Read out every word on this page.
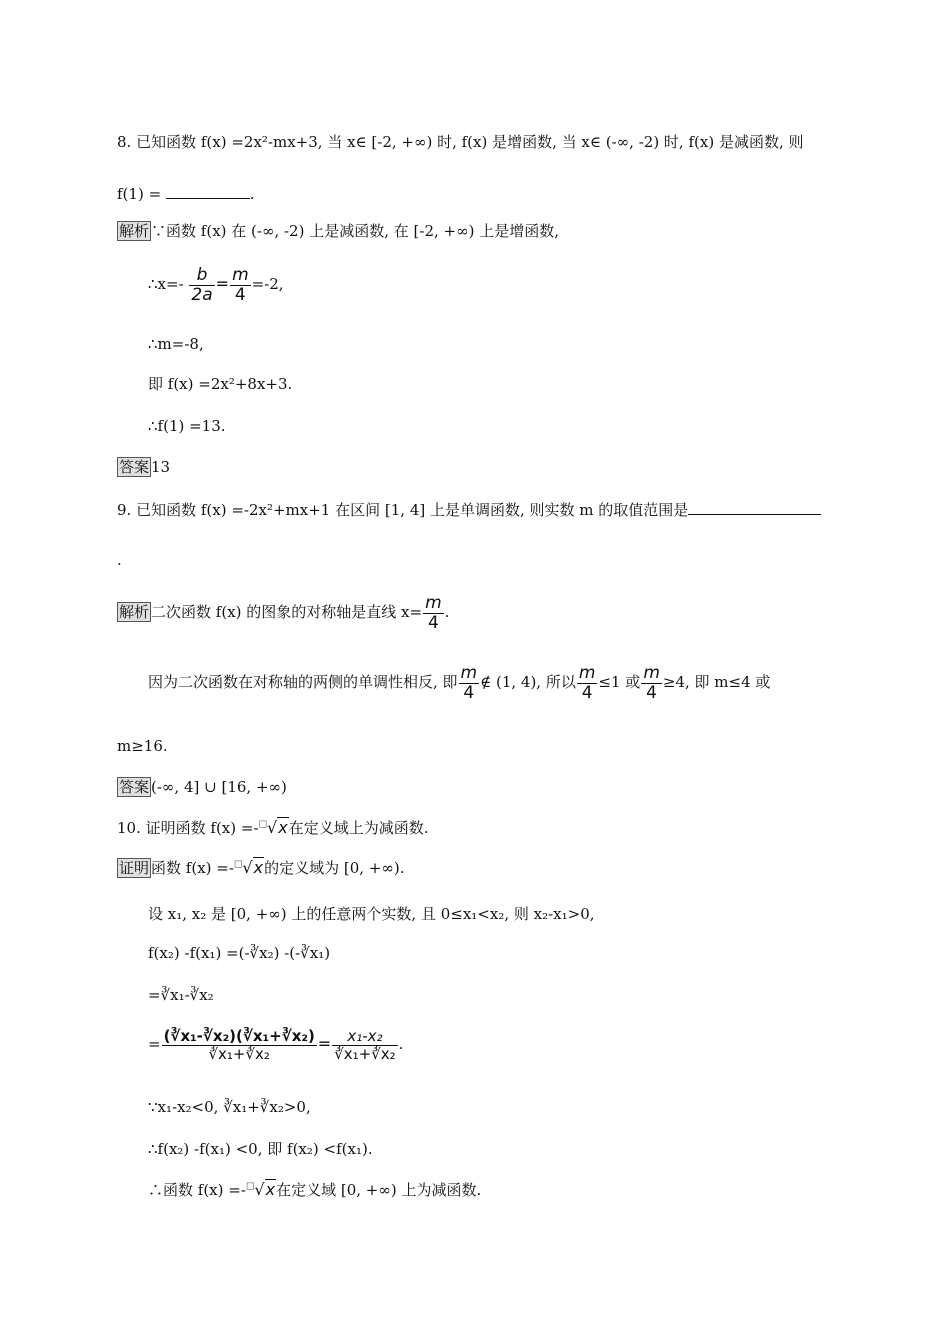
8. 已知函数 f(x) =2x²-mx+3, 当 x∈ [-2, +∞) 时, f(x) 是增函数, 当 x∈ (-∞, -2) 时, f(x) 是减函数, 则
f(1) =	.
解析 ∵函数 f(x) 在 (-∞, -2) 上是减函数, 在 [-2, +∞) 上是增函数,
∴x=- $\frac{b}{2a} = \frac{m}{4} =-2$,
∴m=-8,
即 f(x) =2x²+8x+3.
∴f(1) =13.
答案 13
9. 已知函数 f(x) =-2x²+mx+1 在区间 [1, 4] 上是单调函数, 则实数 m 的取值范围是
.
解析 二次函数 f(x) 的图象的对称轴是直线 $x= \frac{m}{4}$ .
因为二次函数在对称轴的两侧的单调性相反, 即 $\frac{m}{4}$ ∉ (1, 4), 所以 $\frac{m}{4} \le 1$ 或 $\frac{m}{4} \ge 4$, 即 m≤4 或
m≥16.
答案 (-∞, 4] ∪ [16, +∞)
10. 证明函数 f(x) =-□√x在定义域上为减函数.
证明 函数 f(x) =-□√x的定义域为 [0, +∞).
设 x₁, x₂ 是 [0, +∞) 上的任意两个实数, 且 0≤x₁<x₂, 则 x₂-x₁>0,
f(x₂) -f(x₁) =(-∛x₂) -(-∛x₁)
=∛x₁-∛x₂
= $\frac{\text{(∛x₁-∛x₂)(∛x₁+∛x₂)}}{\text{∛x₁+∛x₂}} = \frac{\text{x₁-x₂}}{\text{∛x₁+∛x₂}}$ .
∵x₁-x₂<0, ∛x₁+∛x₂>0,
∴f(x₂) -f(x₁) <0, 即 f(x₂) <f(x₁).
∴函数 f(x) =-□√x在定义域 [0, +∞) 上为减函数.
